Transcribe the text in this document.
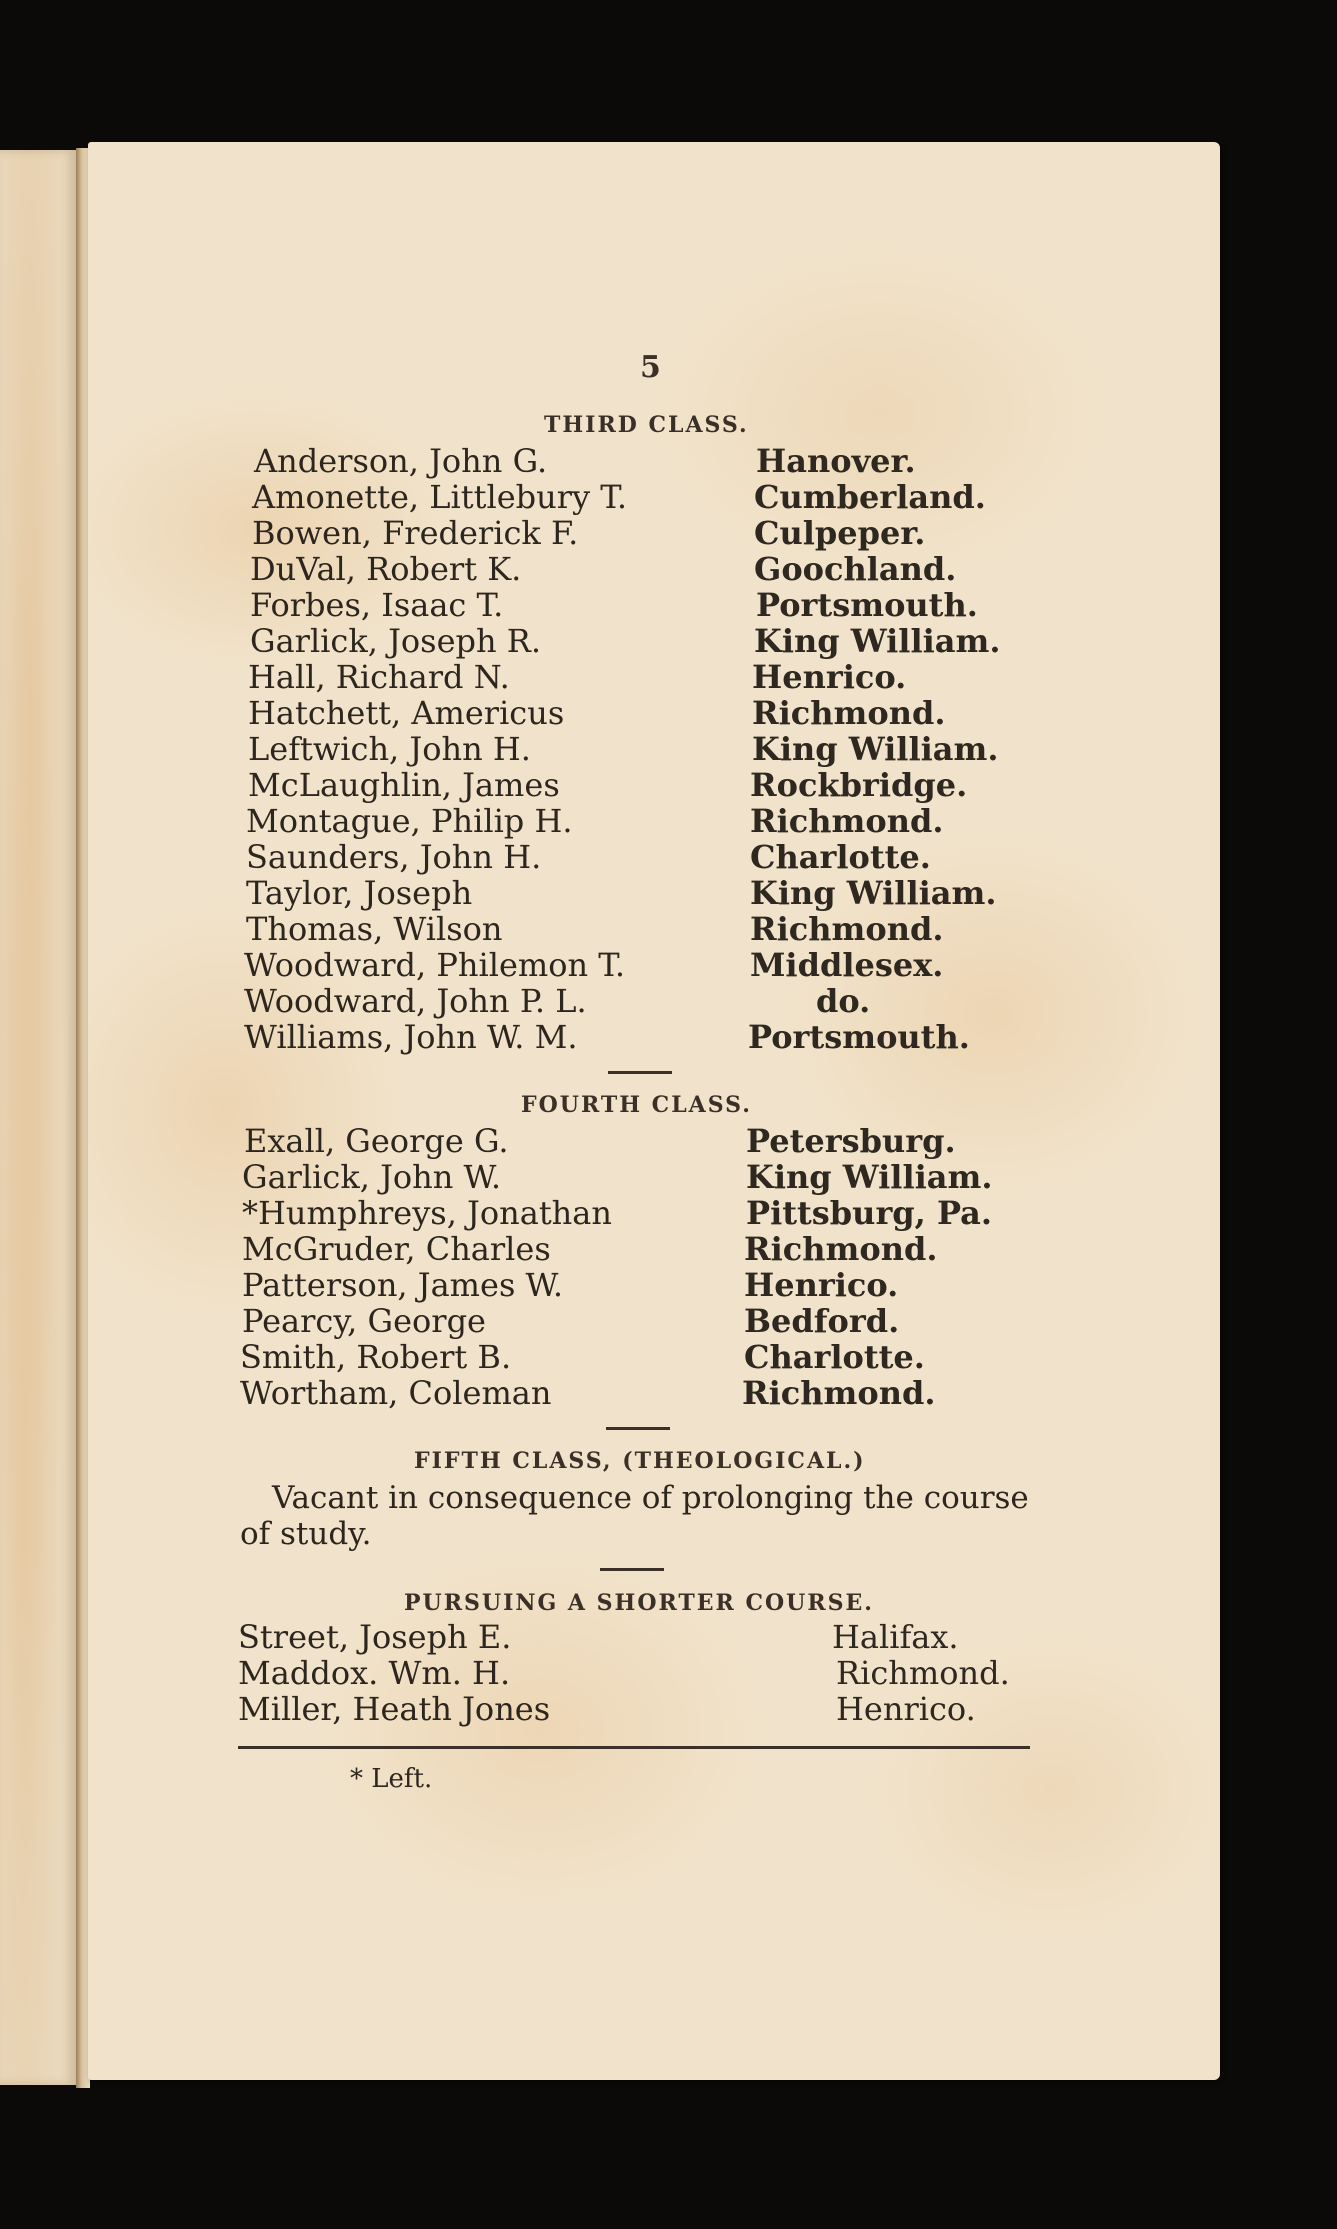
5
THIRD CLASS.
Anderson, John G.	Hanover.
Amonette, Littlebury T.	Cumberland.
Bowen, Frederick F.	Culpeper.
DuVal, Robert K.	Goochland.
Forbes, Isaac T.	Portsmouth.
Garlick, Joseph R.	King William.
Hall, Richard N.	Henrico.
Hatchett, Americus	Richmond.
Leftwich, John H.	King William.
McLaughlin, James	Rockbridge.
Montague, Philip H.	Richmond.
Saunders, John H.	Charlotte.
Taylor, Joseph	King William.
Thomas, Wilson	Richmond.
Woodward, Philemon T.	Middlesex.
Woodward, John P. L.	do.
Williams, John W. M.	Portsmouth.
FOURTH CLASS.
Exall, George G.	Petersburg.
Garlick, John W.	King William.
*Humphreys, Jonathan	Pittsburg, Pa.
McGruder, Charles	Richmond.
Patterson, James W.	Henrico.
Pearcy, George	Bedford.
Smith, Robert B.	Charlotte.
Wortham, Coleman	Richmond.
FIFTH CLASS, (THEOLOGICAL.)
Vacant in consequence of prolonging the course
of study.
PURSUING A SHORTER COURSE.
Street, Joseph E.	Halifax.
Maddox. Wm. H.	Richmond.
Miller, Heath Jones	Henrico.
* Left.
